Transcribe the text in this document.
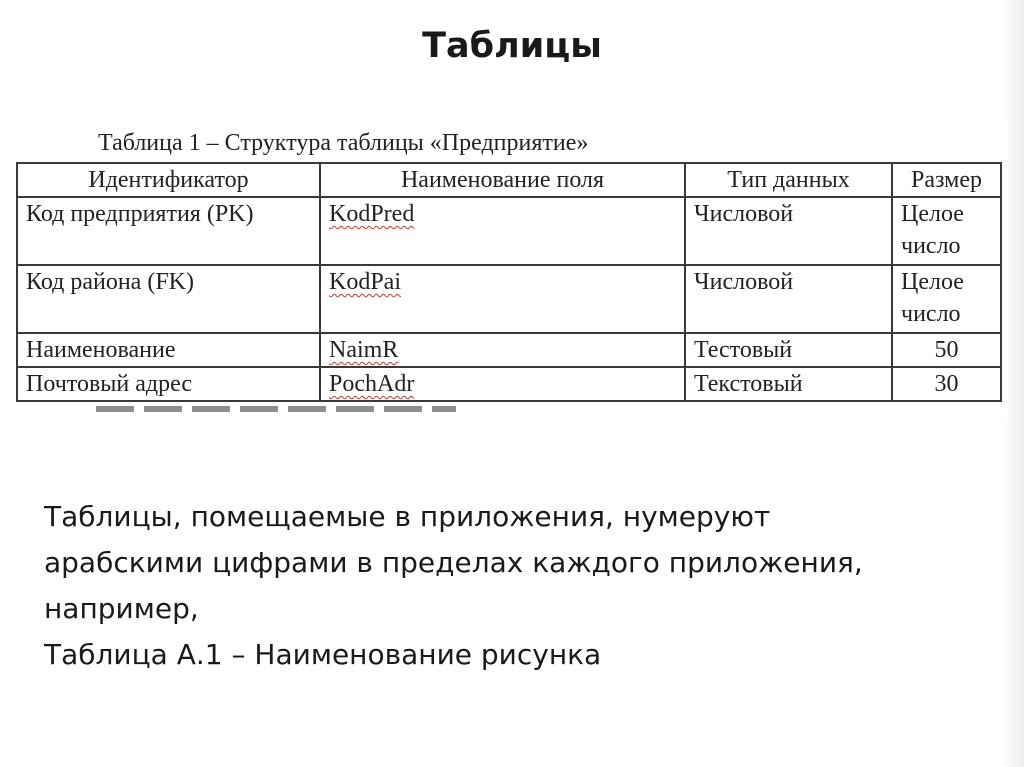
Таблицы
Таблица 1 – Структура таблицы «Предприятие»
Идентификатор	Наименование поля	Тип данных	Размер
Код предприятия (PK)	KodPred	Числовой	Целое
число

Код района (FK)	KodPai	Числовой	Целое
число

Наименование	NaimR	Тестовый	50
Почтовый адрес	PochAdr	Текстовый	30
Таблицы, помещаемые в приложения, нумеруют
арабскими цифрами в пределах каждого приложения,
например,
Таблица А.1 – Наименование рисунка
